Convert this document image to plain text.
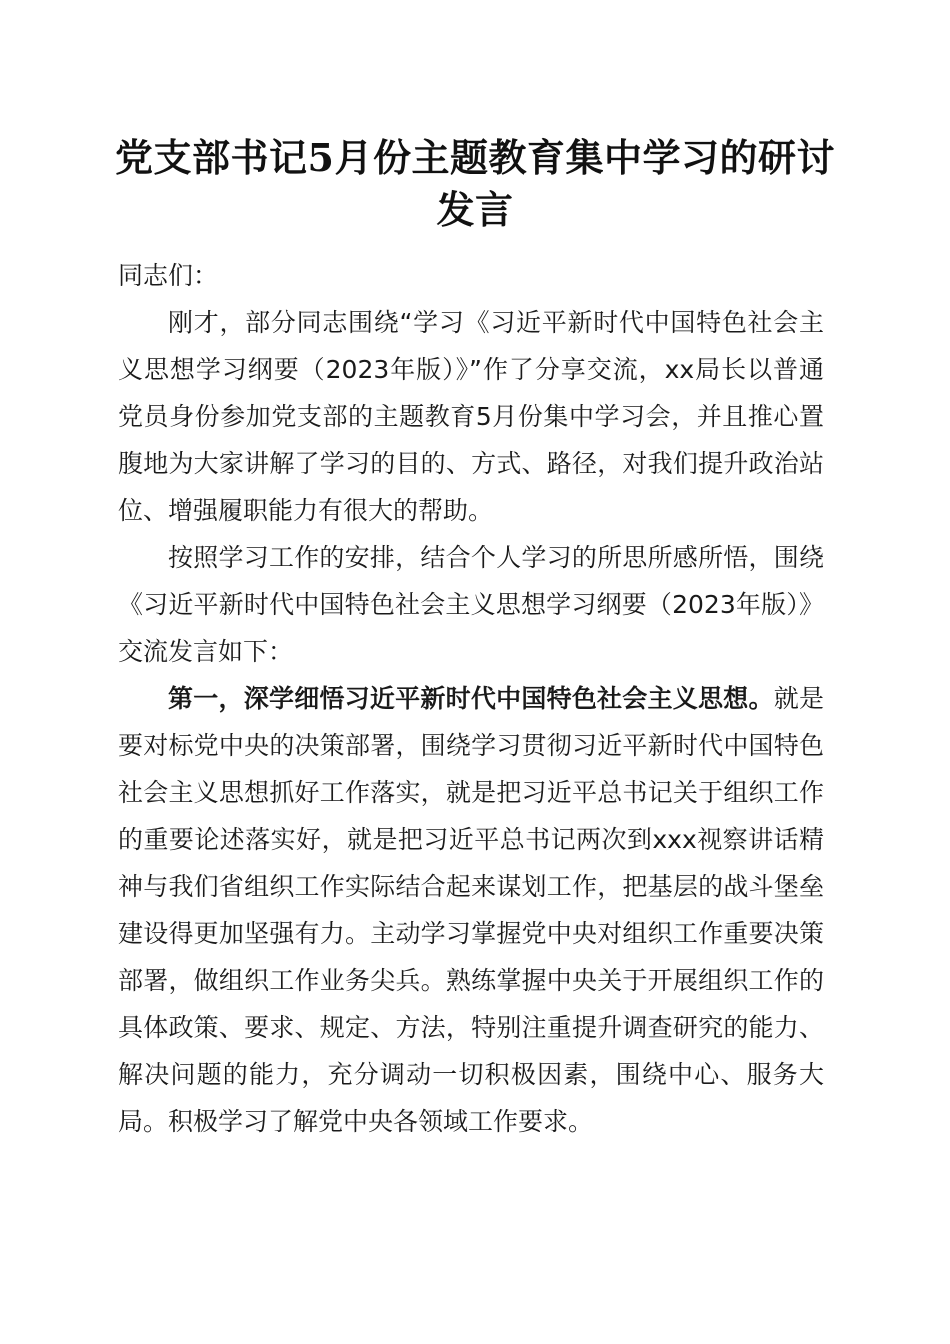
党支部书记5月份主题教育集中学习的研讨发言

同志们：

刚才，部分同志围绕“学习《习近平新时代中国特色社会主义思想学习纲要（2023年版）》”作了分享交流，xx局长以普通党员身份参加党支部的主题教育5月份集中学习会，并且推心置腹地为大家讲解了学习的目的、方式、路径，对我们提升政治站位、增强履职能力有很大的帮助。

按照学习工作的安排，结合个人学习的所思所感所悟，围绕《习近平新时代中国特色社会主义思想学习纲要（2023年版）》交流发言如下：

第一，深学细悟习近平新时代中国特色社会主义思想。就是要对标党中央的决策部署，围绕学习贯彻习近平新时代中国特色社会主义思想抓好工作落实，就是把习近平总书记关于组织工作的重要论述落实好，就是把习近平总书记两次到xxx视察讲话精神与我们省组织工作实际结合起来谋划工作，把基层的战斗堡垒建设得更加坚强有力。主动学习掌握党中央对组织工作重要决策部署，做组织工作业务尖兵。熟练掌握中央关于开展组织工作的具体政策、要求、规定、方法，特别注重提升调查研究的能力、解决问题的能力，充分调动一切积极因素，围绕中心、服务大局。积极学习了解党中央各领域工作要求。
